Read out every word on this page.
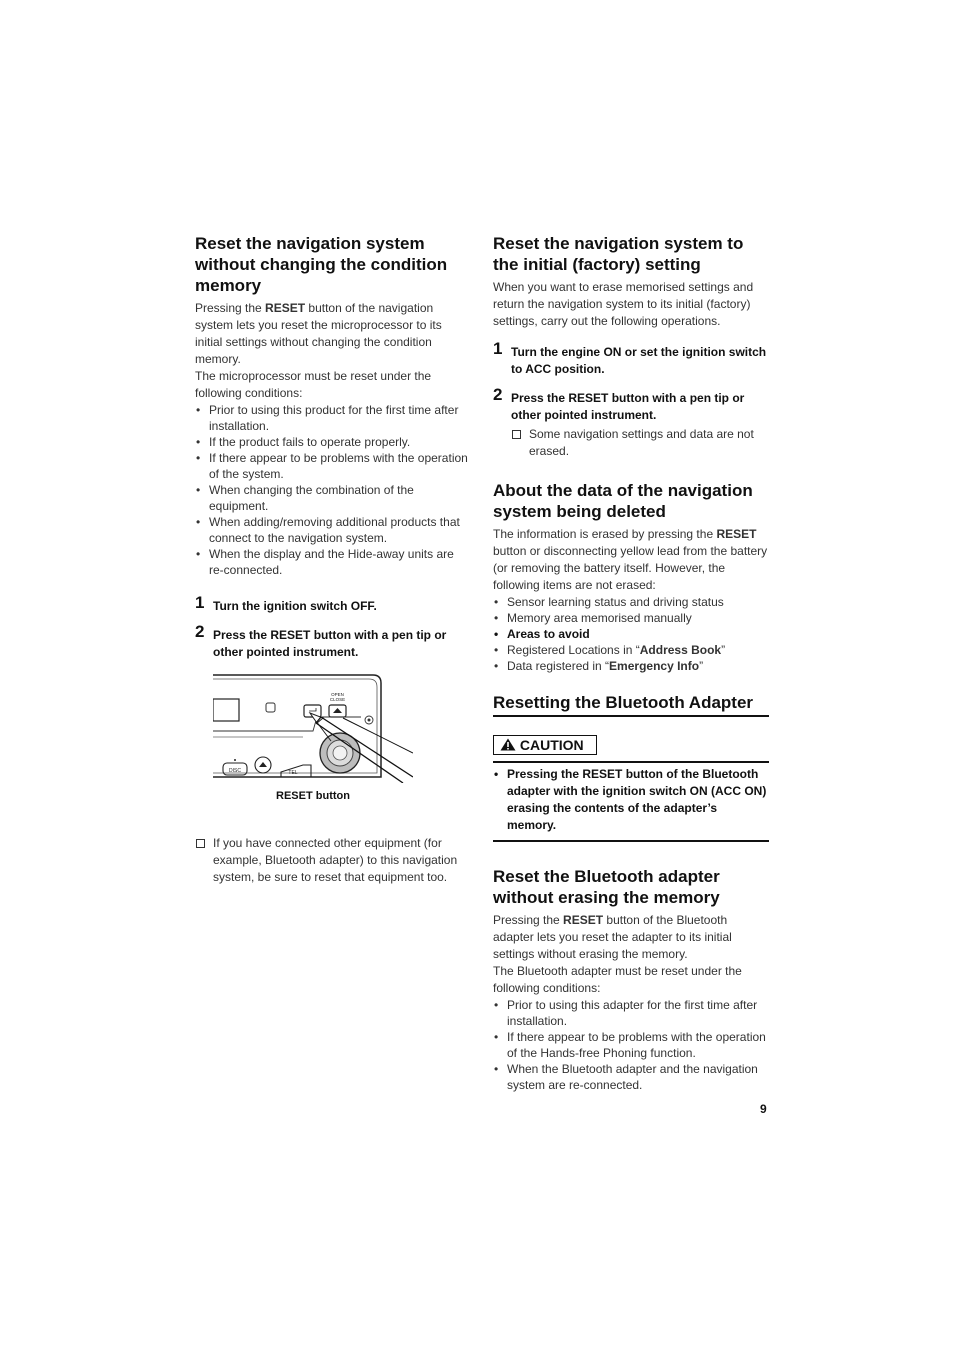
Reset the navigation system without changing the condition memory

Pressing the RESET button of the navigation system lets you reset the microprocessor to its initial settings without changing the condition memory.

The microprocessor must be reset under the following conditions:

• Prior to using this product for the first time after installation.
• If the product fails to operate properly.
• If there appear to be problems with the operation of the system.
• When changing the combination of the equipment.
• When adding/removing additional products that connect to the navigation system.
• When the display and the Hide-away units are re-connected.
1 Turn the ignition switch OFF.
2 Press the RESET button with a pen tip or other pointed instrument.
OPEN
CLOSE
DISC	TEL
RESET button
If you have connected other equipment (for example, Bluetooth adapter) to this navigation system, be sure to reset that equipment too.
Reset the navigation system to the initial (factory) setting

When you want to erase memorised settings and return the navigation system to its initial (factory) settings, carry out the following operations.

1 Turn the engine ON or set the ignition switch to ACC position.
2 Press the RESET button with a pen tip or other pointed instrument.
Some navigation settings and data are not erased.
About the data of the navigation system being deleted

The information is erased by pressing the RESET button or disconnecting yellow lead from the battery (or removing the battery itself. However, the following items are not erased:

• Sensor learning status and driving status
• Memory area memorised manually
• Areas to avoid
• Registered Locations in “Address Book”
• Data registered in “Emergency Info”
Resetting the Bluetooth Adapter
CAUTION
• Pressing the RESET button of the Bluetooth adapter with the ignition switch ON (ACC ON) erasing the contents of the adapter’s memory.
Reset the Bluetooth adapter without erasing the memory

Pressing the RESET button of the Bluetooth adapter lets you reset the adapter to its initial settings without erasing the memory.

The Bluetooth adapter must be reset under the following conditions:

• Prior to using this adapter for the first time after installation.
• If there appear to be problems with the operation of the Hands-free Phoning function.
• When the Bluetooth adapter and the navigation system are re-connected.
9
